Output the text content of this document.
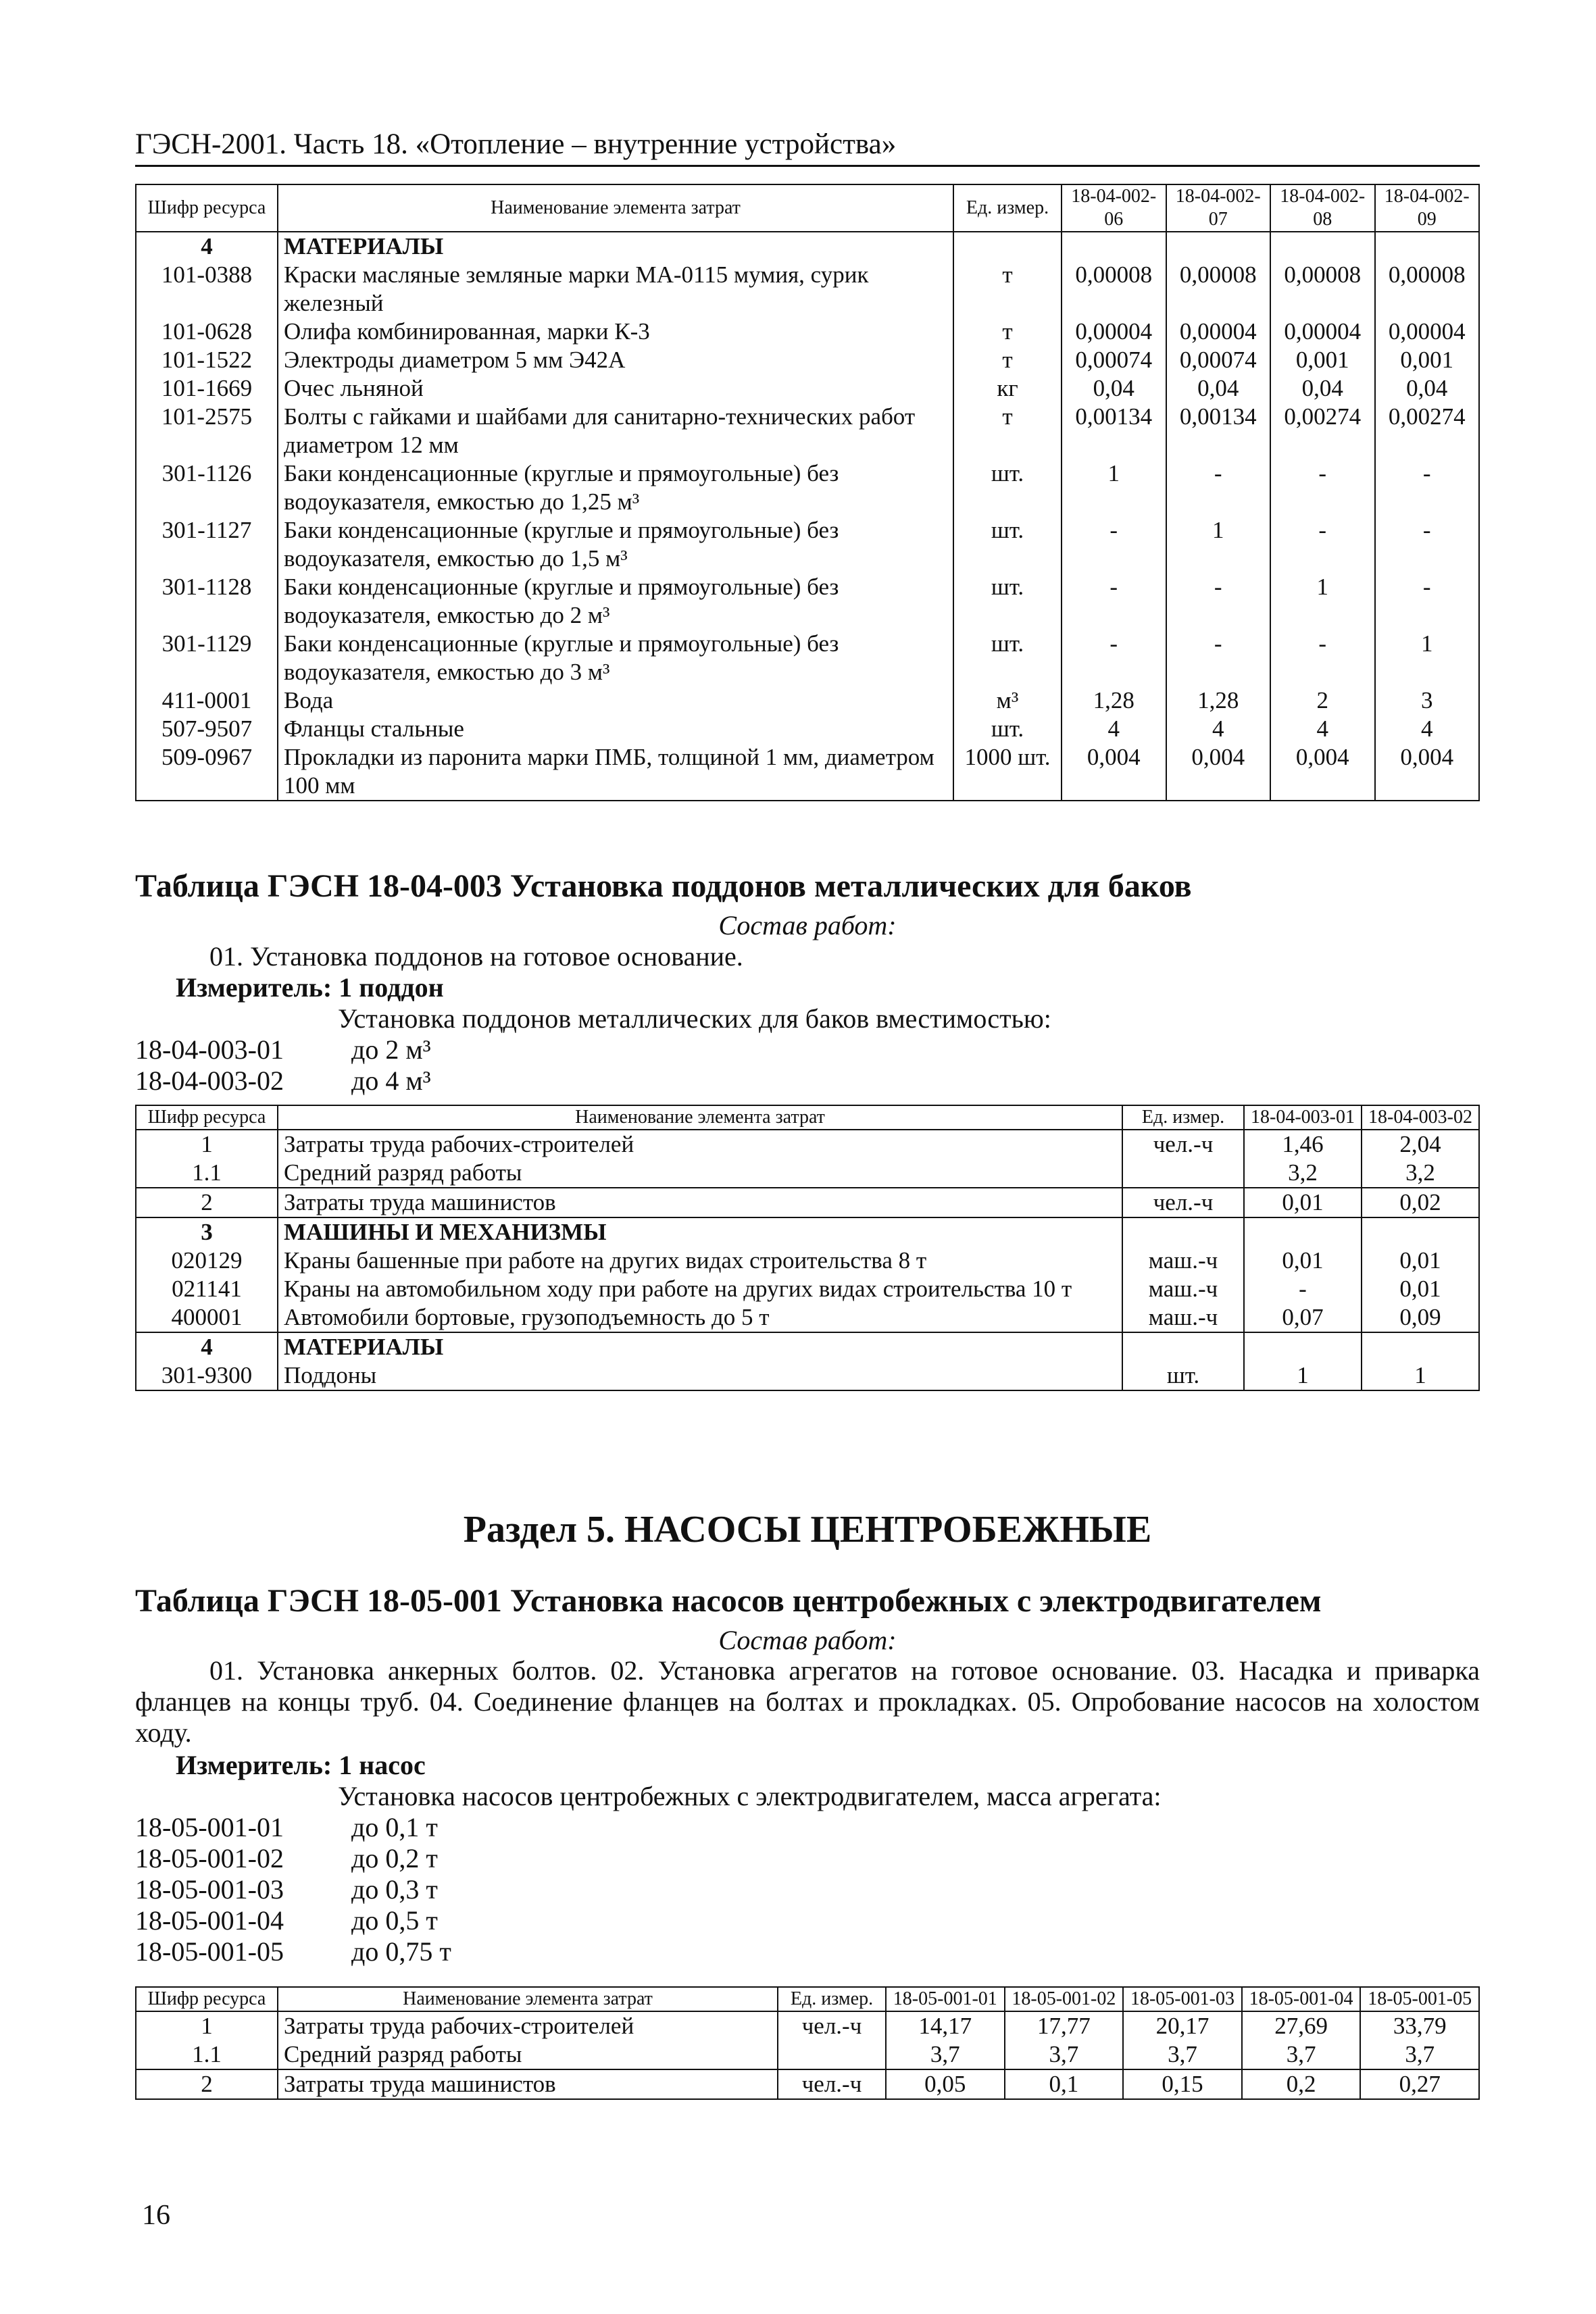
ГЭСН-2001. Часть 18. «Отопление – внутренние устройства»
Шифр ресурса	Наименование элемента затрат	Ед. измер.	18-04-002-06	18-04-002-07	18-04-002-08	18-04-002-09
4	МАТЕРИАЛЫ					
101-0388	Краски масляные земляные марки МА-0115 мумия, сурик железный	т	0,00008	0,00008	0,00008	0,00008
101-0628	Олифа комбинированная, марки К-3	т	0,00004	0,00004	0,00004	0,00004
101-1522	Электроды диаметром 5 мм Э42А	т	0,00074	0,00074	0,001	0,001
101-1669	Очес льняной	кг	0,04	0,04	0,04	0,04
101-2575	Болты с гайками и шайбами для санитарно-технических работ диаметром 12 мм	т	0,00134	0,00134	0,00274	0,00274
301-1126	Баки конденсационные (круглые и прямоугольные) без водоуказателя, емкостью до 1,25 м³	шт.	1	-	-	-
301-1127	Баки конденсационные (круглые и прямоугольные) без водоуказателя, емкостью до 1,5 м³	шт.	-	1	-	-
301-1128	Баки конденсационные (круглые и прямоугольные) без водоуказателя, емкостью до 2 м³	шт.	-	-	1	-
301-1129	Баки конденсационные (круглые и прямоугольные) без водоуказателя, емкостью до 3 м³	шт.	-	-	-	1
411-0001	Вода	м³	1,28	1,28	2	3
507-9507	Фланцы стальные	шт.	4	4	4	4
509-0967	Прокладки из паронита марки ПМБ, толщиной 1 мм, диаметром 100 мм	1000 шт.	0,004	0,004	0,004	0,004
Таблица ГЭСН 18-04-003 Установка поддонов металлических для баков
Состав работ:
01. Установка поддонов на готовое основание.
Измеритель: 1 поддон
Установка поддонов металлических для баков вместимостью:
18-04-003-01	до 2 м³
18-04-003-02	до 4 м³
Шифр ресурса	Наименование элемента затрат	Ед. измер.	18-04-003-01	18-04-003-02
1	Затраты труда рабочих-строителей	чел.-ч	1,46	2,04
1.1	Средний разряд работы		3,2	3,2
2	Затраты труда машинистов	чел.-ч	0,01	0,02
3	МАШИНЫ И МЕХАНИЗМЫ			
020129	Краны башенные при работе на других видах строительства 8 т	маш.-ч	0,01	0,01
021141	Краны на автомобильном ходу при работе на других видах строительства 10 т	маш.-ч	-	0,01
400001	Автомобили бортовые, грузоподъемность до 5 т	маш.-ч	0,07	0,09
4	МАТЕРИАЛЫ			
301-9300	Поддоны	шт.	1	1
Раздел 5. НАСОСЫ ЦЕНТРОБЕЖНЫЕ
Таблица ГЭСН 18-05-001 Установка насосов центробежных с электродвигателем
Состав работ:
01. Установка анкерных болтов. 02. Установка агрегатов на готовое основание. 03. Насадка и приварка фланцев на концы труб. 04. Соединение фланцев на болтах и прокладках. 05. Опробование насосов на холостом ходу.
Измеритель: 1 насос
Установка насосов центробежных с электродвигателем, масса агрегата:
18-05-001-01	до 0,1 т
18-05-001-02	до 0,2 т
18-05-001-03	до 0,3 т
18-05-001-04	до 0,5 т
18-05-001-05	до 0,75 т
Шифр ресурса	Наименование элемента затрат	Ед. измер.	18-05-001-01	18-05-001-02	18-05-001-03	18-05-001-04	18-05-001-05
1	Затраты труда рабочих-строителей	чел.-ч	14,17	17,77	20,17	27,69	33,79
1.1	Средний разряд работы		3,7	3,7	3,7	3,7	3,7
2	Затраты труда машинистов	чел.-ч	0,05	0,1	0,15	0,2	0,27
16
